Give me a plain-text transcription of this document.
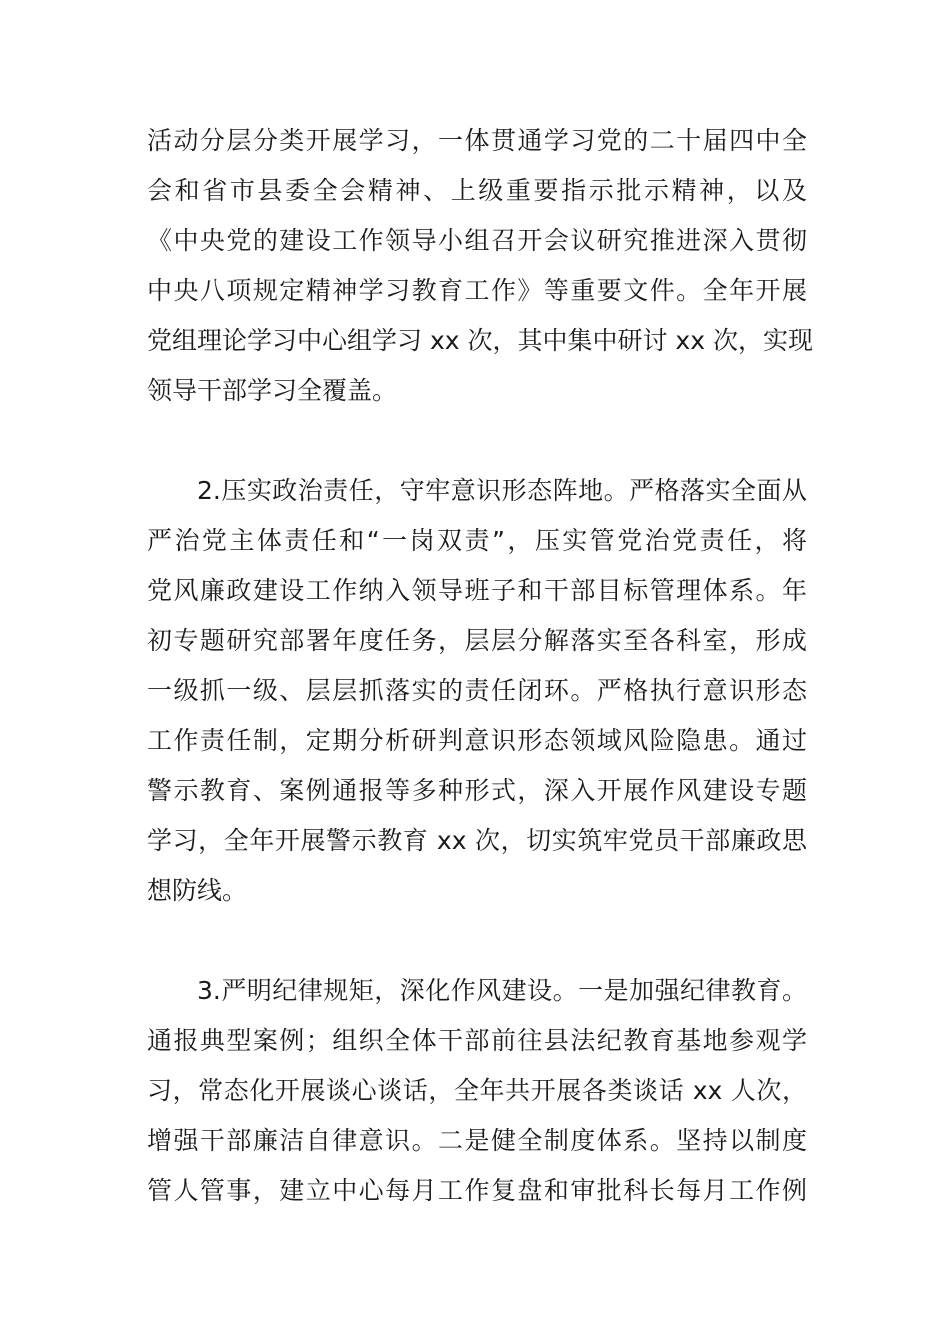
活动分层分类开展学习，一体贯通学习党的二十届四中全
会和省市县委全会精神、上级重要指示批示精神，以及
《中央党的建设工作领导小组召开会议研究推进深入贯彻
中央八项规定精神学习教育工作》等重要文件。全年开展
党组理论学习中心组学习 xx 次，其中集中研讨 xx 次，实现
领导干部学习全覆盖。
2.压实政治责任，守牢意识形态阵地。严格落实全面从
严治党主体责任和“一岗双责”，压实管党治党责任，将
党风廉政建设工作纳入领导班子和干部目标管理体系。年
初专题研究部署年度任务，层层分解落实至各科室，形成
一级抓一级、层层抓落实的责任闭环。严格执行意识形态
工作责任制，定期分析研判意识形态领域风险隐患。通过
警示教育、案例通报等多种形式，深入开展作风建设专题
学习，全年开展警示教育 xx 次，切实筑牢党员干部廉政思
想防线。
3.严明纪律规矩，深化作风建设。一是加强纪律教育。
通报典型案例；组织全体干部前往县法纪教育基地参观学
习，常态化开展谈心谈话，全年共开展各类谈话 xx 人次，
增强干部廉洁自律意识。二是健全制度体系。坚持以制度
管人管事，建立中心每月工作复盘和审批科长每月工作例
